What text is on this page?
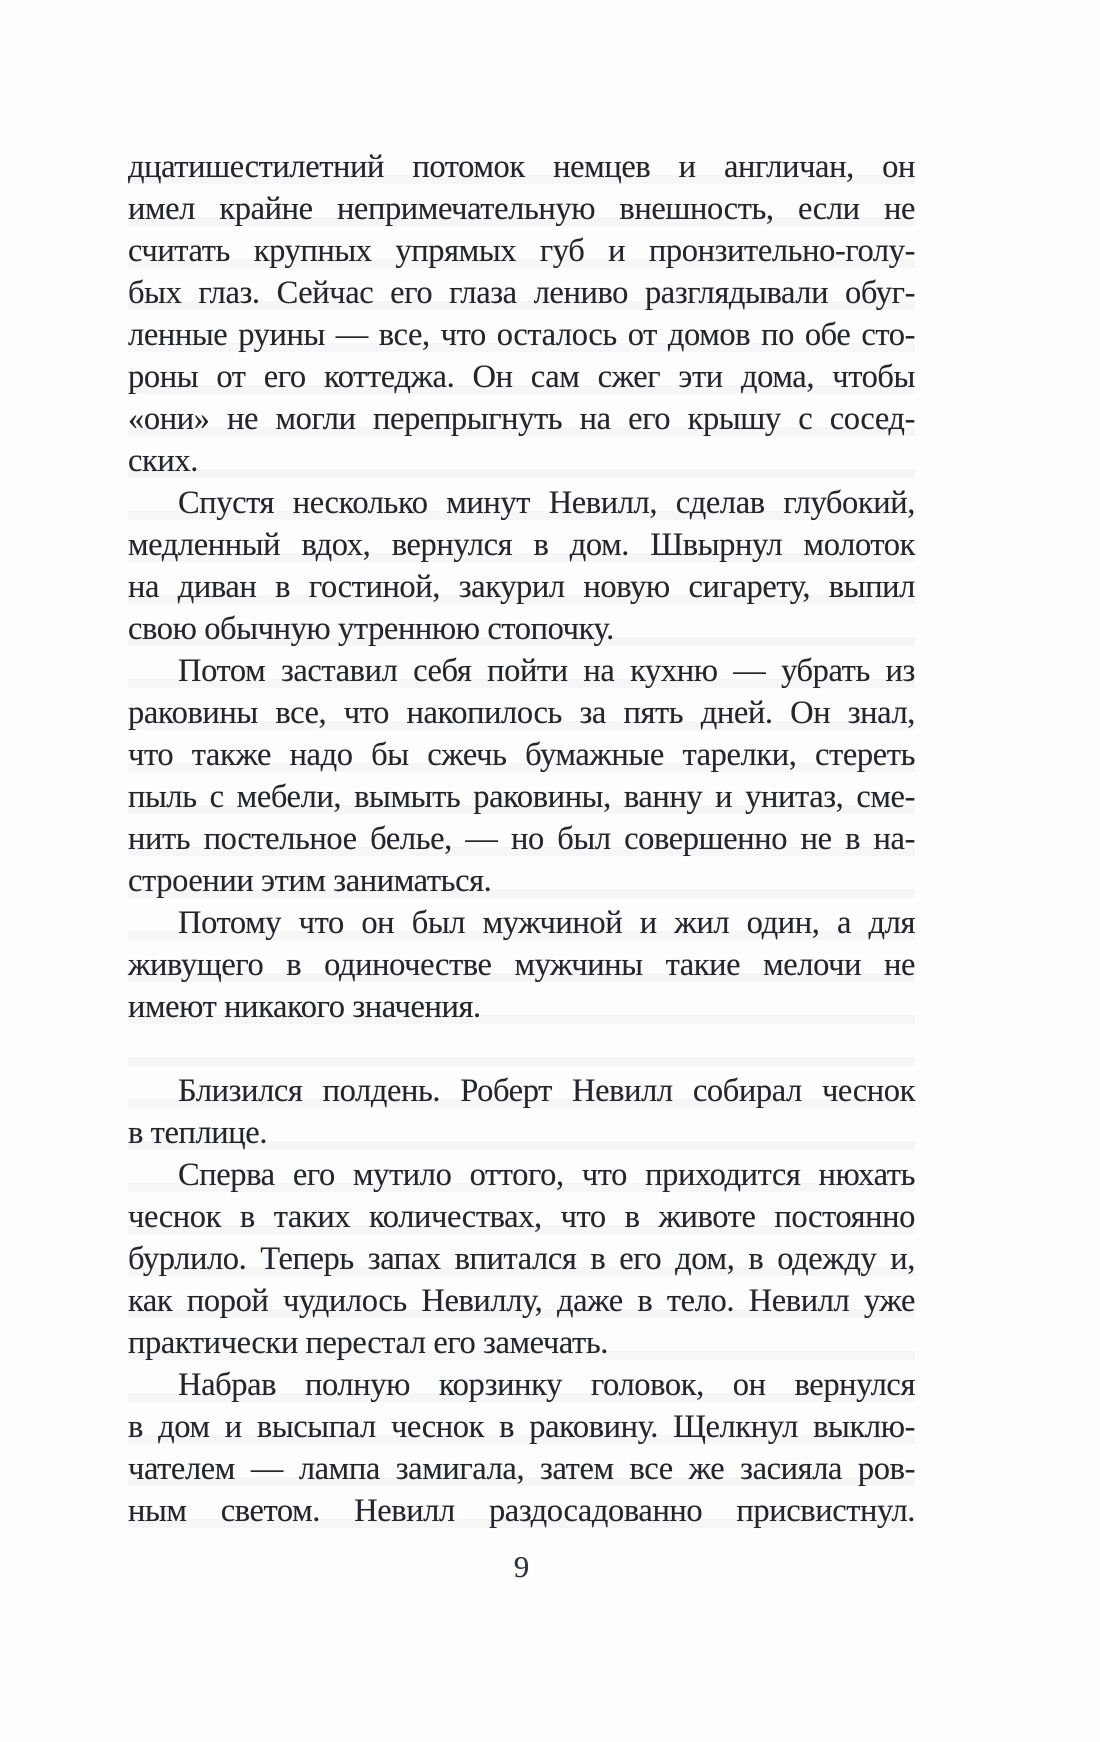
дцатишестилетний потомок немцев и англичан, он
имел крайне непримечательную внешность, если не
считать крупных упрямых губ и пронзительно-голу-
бых глаз. Сейчас его глаза лениво разглядывали обуг-
ленные руины — все, что осталось от домов по обе сто-
роны от его коттеджа. Он сам сжег эти дома, чтобы
«они» не могли перепрыгнуть на его крышу с сосед-
ских.
Спустя несколько минут Невилл, сделав глубокий,
медленный вдох, вернулся в дом. Швырнул молоток
на диван в гостиной, закурил новую сигарету, выпил
свою обычную утреннюю стопочку.
Потом заставил себя пойти на кухню — убрать из
раковины все, что накопилось за пять дней. Он знал,
что также надо бы сжечь бумажные тарелки, стереть
пыль с мебели, вымыть раковины, ванну и унитаз, сме-
нить постельное белье, — но был совершенно не в на-
строении этим заниматься.
Потому что он был мужчиной и жил один, а для
живущего в одиночестве мужчины такие мелочи не
имеют никакого значения.
Близился полдень. Роберт Невилл собирал чеснок
в теплице.
Сперва его мутило оттого, что приходится нюхать
чеснок в таких количествах, что в животе постоянно
бурлило. Теперь запах впитался в его дом, в одежду и,
как порой чудилось Невиллу, даже в тело. Невилл уже
практически перестал его замечать.
Набрав полную корзинку головок, он вернулся
в дом и высыпал чеснок в раковину. Щелкнул выклю-
чателем — лампа замигала, затем все же засияла ров-
ным светом. Невилл раздосадованно присвистнул.
9
